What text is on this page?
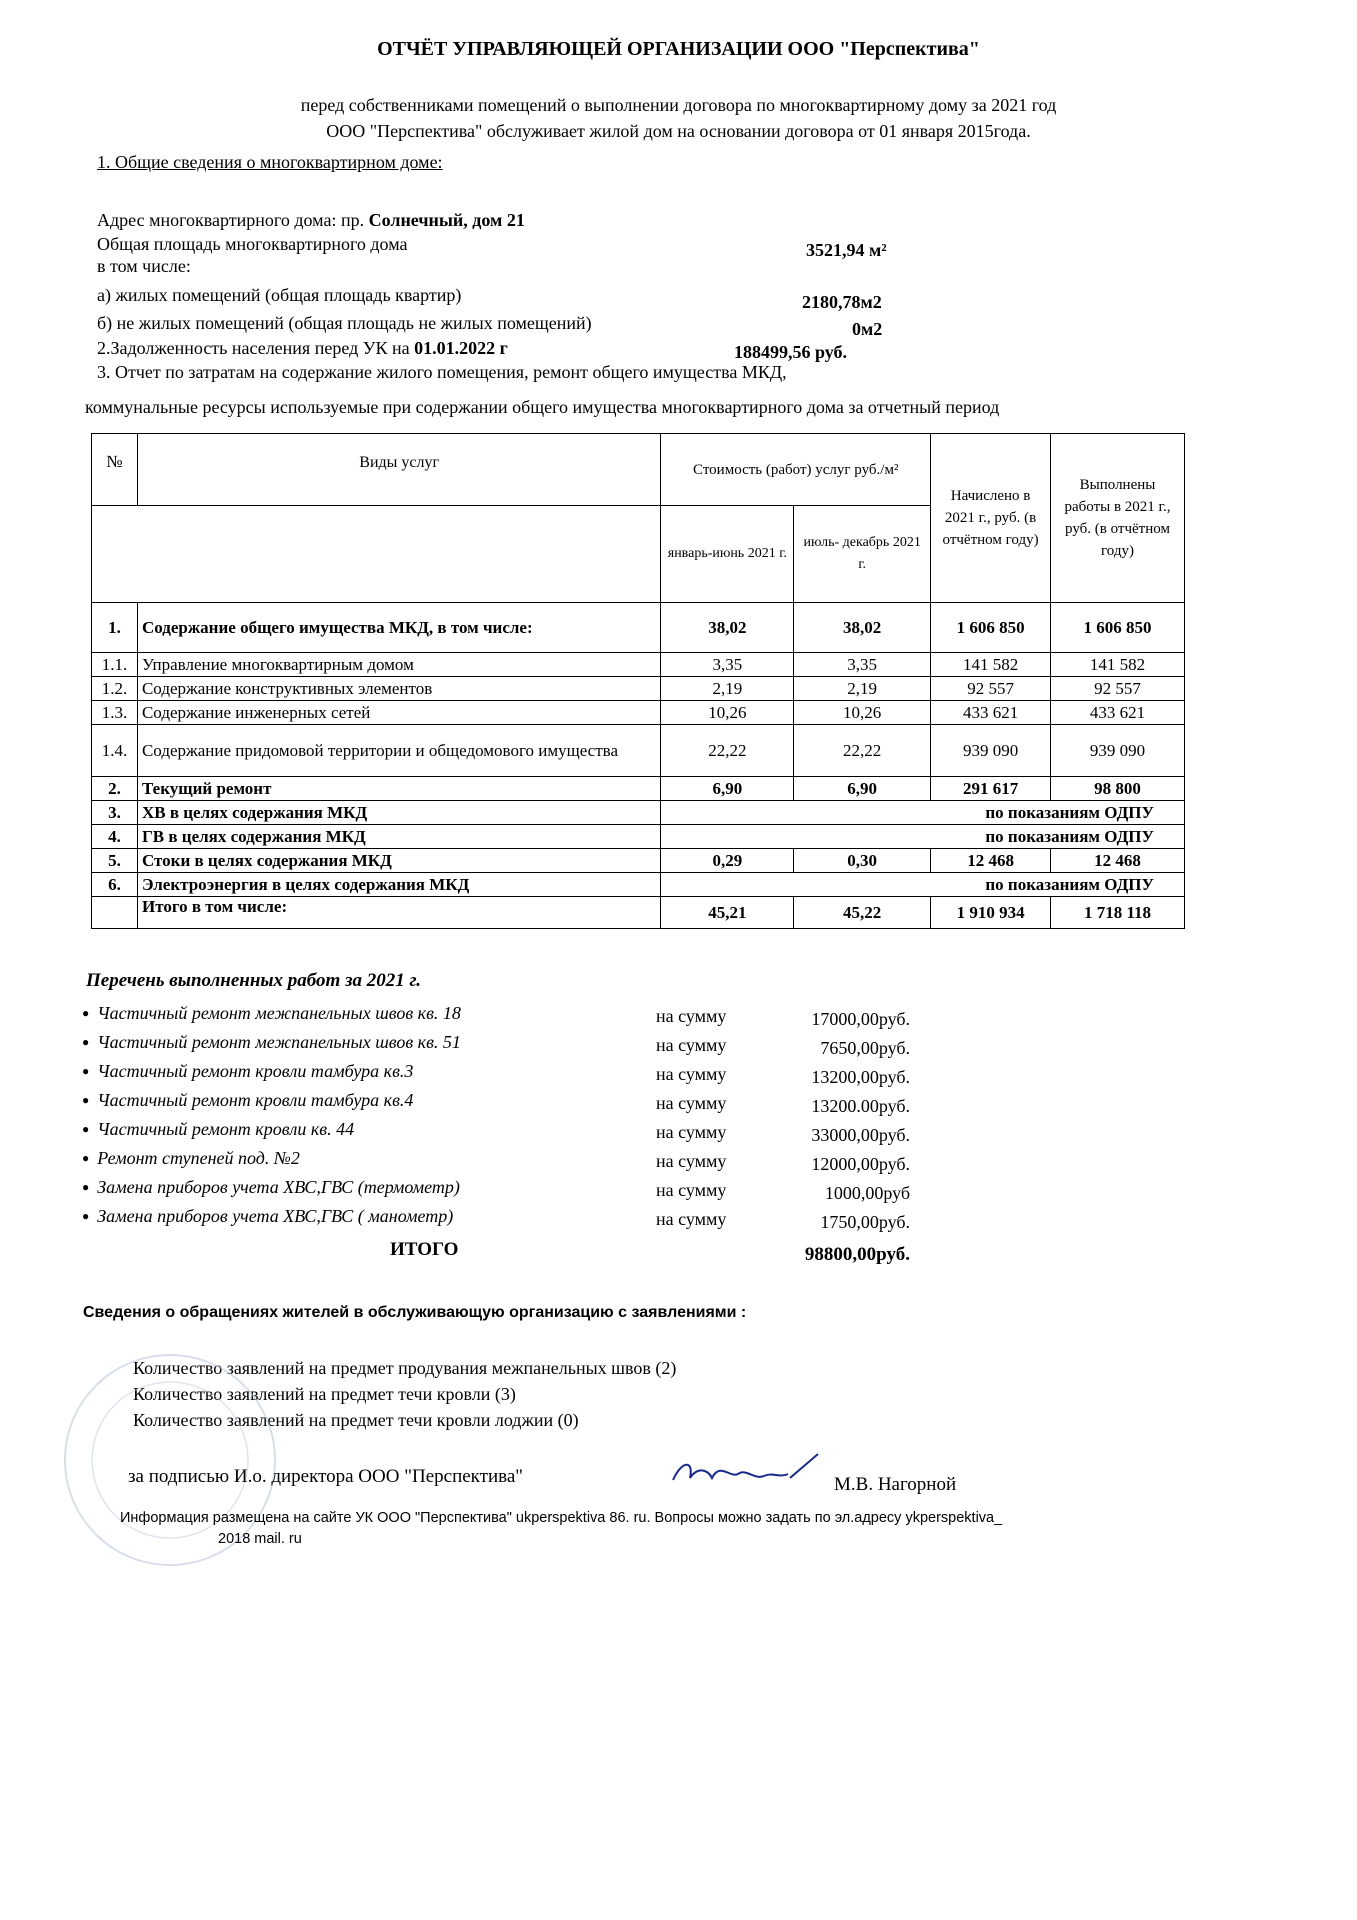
ОТЧЁТ УПРАВЛЯЮЩЕЙ ОРГАНИЗАЦИИ ООО "Перспектива"
перед собственниками помещений о выполнении договора по многоквартирному дому за 2021 год
ООО "Перспектива" обслуживает жилой дом на основании договора от 01 января 2015года.
1. Общие сведения о многоквартирном доме:
Адрес многоквартирного дома: пр. Солнечный, дом 21
Общая площадь многоквартирного дома	3521,94 м²
в том числе:
а) жилых помещений (общая площадь квартир)	2180,78м2
б) не жилых помещений (общая площадь не жилых помещений)	0м2
2.Задолженность населения перед УК на 01.01.2022 г	188499,56 руб.
3. Отчет по затратам на содержание жилого помещения, ремонт общего имущества МКД,
коммунальные ресурсы используемые при содержании общего имущества многоквартирного дома за отчетный период
№	Виды услуг	Стоимость (работ) услуг руб./м²		Начислено в 2021 г., руб. (в отчётном году)	Выполнены работы в 2021 г., руб. (в отчётном году)
		январь-июнь 2021 г.	июль- декабрь 2021 г.		
1.	Содержание общего имущества МКД, в том числе:	38,02	38,02	1 606 850	1 606 850
1.1.	Управление многоквартирным домом	3,35	3,35	141 582	141 582
1.2.	Содержание конструктивных элементов	2,19	2,19	92 557	92 557
1.3.	Содержание инженерных сетей	10,26	10,26	433 621	433 621
1.4.	Содержание придомовой территории и общедомового имущества	22,22	22,22	939 090	939 090
2.	Текущий ремонт	6,90	6,90	291 617	98 800
3.	ХВ в целях содержания МКД	по показаниям ОДПУ			
4.	ГВ в целях содержания МКД	по показаниям ОДПУ			
5.	Стоки в целях содержания МКД	0,29	0,30	12 468	12 468
6.	Электроэнергия в целях содержания МКД	по показаниям ОДПУ			
	Итого в том числе:	45,21	45,22	1 910 934	1 718 118
Перечень выполненных работ за 2021 г.
● Частичный ремонт межпанельных швов кв. 18	на сумму	17000,00руб.
● Частичный ремонт межпанельных швов кв. 51	на сумму	7650,00руб.
● Частичный ремонт кровли тамбура кв.3	на сумму	13200,00руб.
● Частичный ремонт кровли тамбура кв.4	на сумму	13200.00руб.
● Частичный ремонт кровли кв. 44	на сумму	33000,00руб.
● Ремонт ступеней под. №2	на сумму	12000,00руб.
● Замена приборов учета ХВС,ГВС (термометр)	на сумму	1000,00руб
● Замена приборов учета ХВС,ГВС ( манометр)	на сумму	1750,00руб.
ИТОГО	98800,00руб.
Сведения о обращениях жителей в обслуживающую организацию с заявлениями :
Количество заявлений на предмет продувания межпанельных швов (2)
Количество заявлений на предмет течи кровли (3)
Количество заявлений на предмет течи кровли лоджии (0)
за подписью И.о. директора ООО "Перспектива"	М.В. Нагорной
Информация размещена на сайте УК ООО "Перспектива" ukperspektiva 86. ru. Вопросы можно задать по эл.адресу ykperspektiva_
2018 mail. ru
